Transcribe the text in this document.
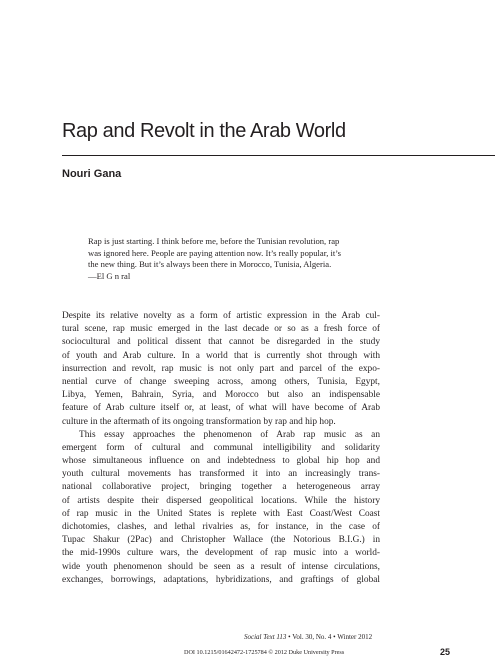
Rap and Revolt in the Arab World
Nouri Gana
Rap is just starting. I think before me, before the Tunisian revolution, rap
was ignored here. People are paying attention now. It’s really popular, it’s
the new thing. But it’s always been there in Morocco, Tunisia, Algeria.
—El G n ral
Despite its relative novelty as a form of artistic expression in the Arab cul-
tural scene, rap music emerged in the last decade or so as a fresh force of
sociocultural and political dissent that cannot be disregarded in the study
of youth and Arab culture. In a world that is currently shot through with
insurrection and revolt, rap music is not only part and parcel of the expo-
nential curve of change sweeping across, among others, Tunisia, Egypt,
Libya, Yemen, Bahrain, Syria, and Morocco but also an indispensable
feature of Arab culture itself or, at least, of what will have become of Arab
culture in the aftermath of its ongoing transformation by rap and hip hop.
This essay approaches the phenomenon of Arab rap music as an
emergent form of cultural and communal intelligibility and solidarity
whose simultaneous influence on and indebtedness to global hip hop and
youth cultural movements has transformed it into an increasingly trans-
national collaborative project, bringing together a heterogeneous array
of artists despite their dispersed geopolitical locations. While the history
of rap music in the United States is replete with East Coast/West Coast
dichotomies, clashes, and lethal rivalries as, for instance, in the case of
Tupac Shakur (2Pac) and Christopher Wallace (the Notorious B.I.G.) in
the mid-1990s culture wars, the development of rap music into a world-
wide youth phenomenon should be seen as a result of intense circulations,
exchanges, borrowings, adaptations, hybridizations, and graftings of global
Social Text 113 • Vol. 30, No. 4 • Winter 2012
DOI 10.1215/01642472-1725784 © 2012 Duke University Press	25
